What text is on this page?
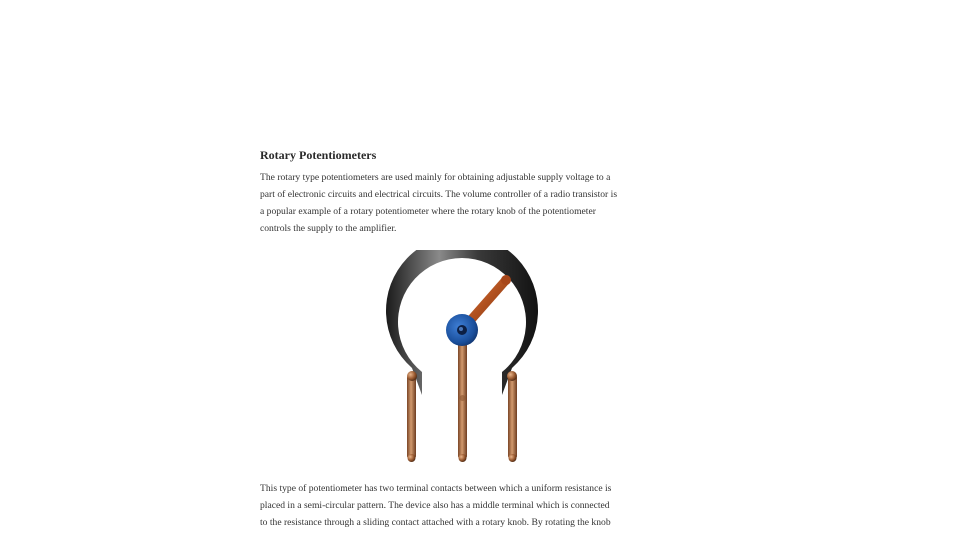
Rotary Potentiometers
The rotary type potentiometers are used mainly for obtaining adjustable supply voltage to a
part of electronic circuits and electrical circuits. The volume controller of a radio transistor is
a popular example of a rotary potentiometer where the rotary knob of the potentiometer
controls the supply to the amplifier.
This type of potentiometer has two terminal contacts between which a uniform resistance is
placed in a semi-circular pattern. The device also has a middle terminal which is connected
to the resistance through a sliding contact attached with a rotary knob. By rotating the knob
